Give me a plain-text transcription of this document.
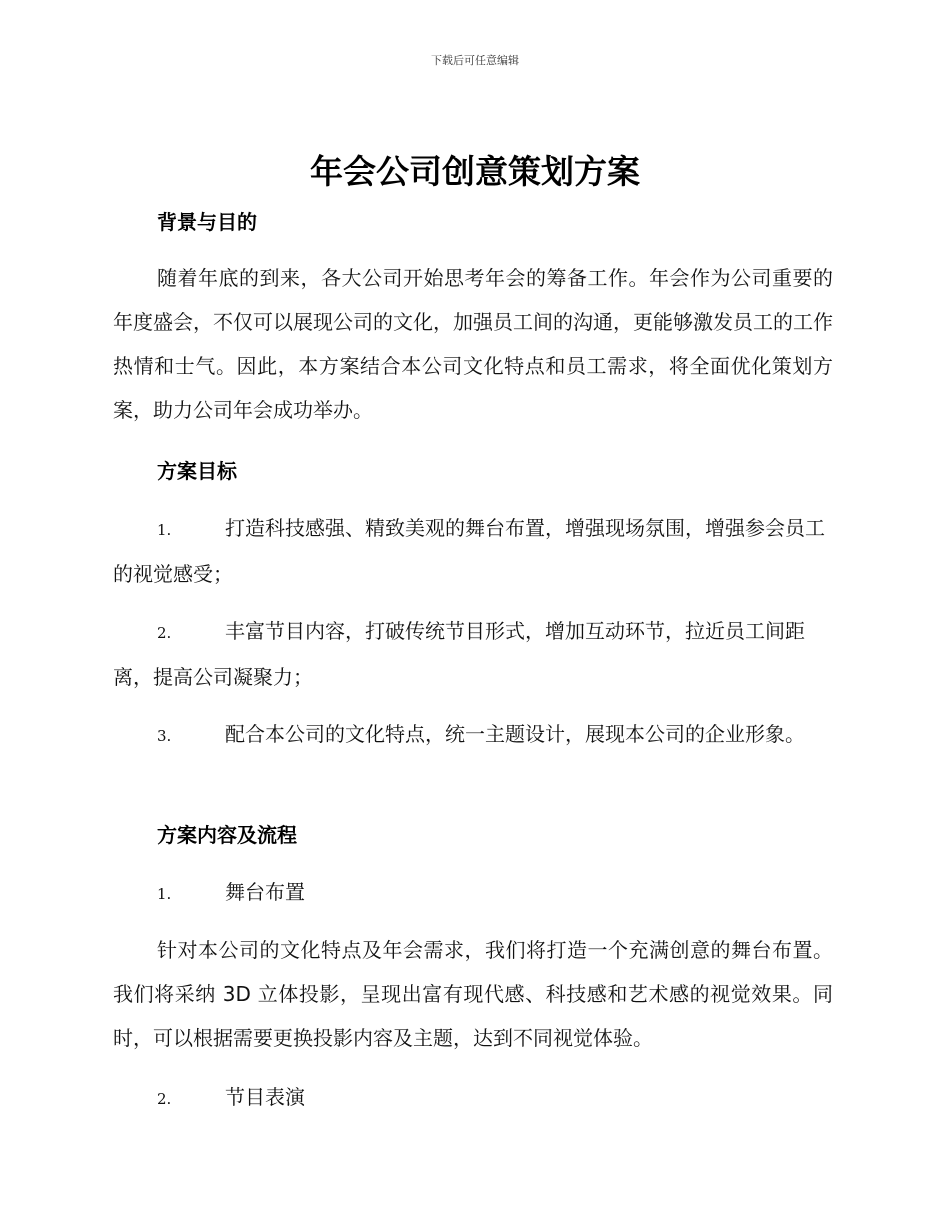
下载后可任意编辑
年会公司创意策划方案
背景与目的

随着年底的到来，各大公司开始思考年会的筹备工作。年会作为公司重要的年度盛会，不仅可以展现公司的文化，加强员工间的沟通，更能够激发员工的工作热情和士气。因此，本方案结合本公司文化特点和员工需求，将全面优化策划方案，助力公司年会成功举办。

方案目标

1.	打造科技感强、精致美观的舞台布置，增强现场氛围，增强参会员工的视觉感受；

2.	丰富节目内容，打破传统节目形式，增加互动环节，拉近员工间距离，提高公司凝聚力；

3.	配合本公司的文化特点，统一主题设计，展现本公司的企业形象。

方案内容及流程

1.	舞台布置

针对本公司的文化特点及年会需求，我们将打造一个充满创意的舞台布置。我们将采纳 3D 立体投影，呈现出富有现代感、科技感和艺术感的视觉效果。同时，可以根据需要更换投影内容及主题，达到不同视觉体验。

2.	节目表演
